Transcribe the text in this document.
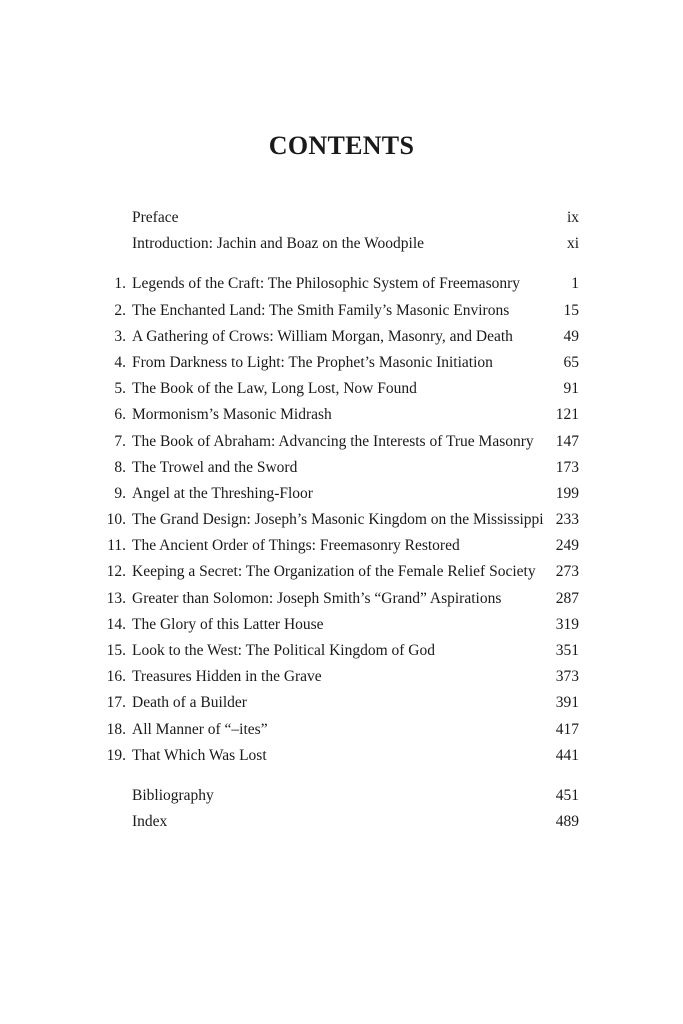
CONTENTS
Preface	ix
Introduction: Jachin and Boaz on the Woodpile	xi
1. Legends of the Craft: The Philosophic System of Freemasonry	1
2. The Enchanted Land: The Smith Family’s Masonic Environs	15
3. A Gathering of Crows: William Morgan, Masonry, and Death	49
4. From Darkness to Light: The Prophet’s Masonic Initiation	65
5. The Book of the Law, Long Lost, Now Found	91
6. Mormonism’s Masonic Midrash	121
7. The Book of Abraham: Advancing the Interests of True Masonry 147
8. The Trowel and the Sword	173
9. Angel at the Threshing-Floor	199
10. The Grand Design: Joseph’s Masonic Kingdom on the Mississippi 233
11. The Ancient Order of Things: Freemasonry Restored	249
12. Keeping a Secret: The Organization of the Female Relief Society 273
13. Greater than Solomon: Joseph Smith’s “Grand” Aspirations	287
14. The Glory of this Latter House	319
15. Look to the West: The Political Kingdom of God	351
16. Treasures Hidden in the Grave	373
17. Death of a Builder	391
18. All Manner of “–ites”	417
19. That Which Was Lost	441
Bibliography	451
Index	489
